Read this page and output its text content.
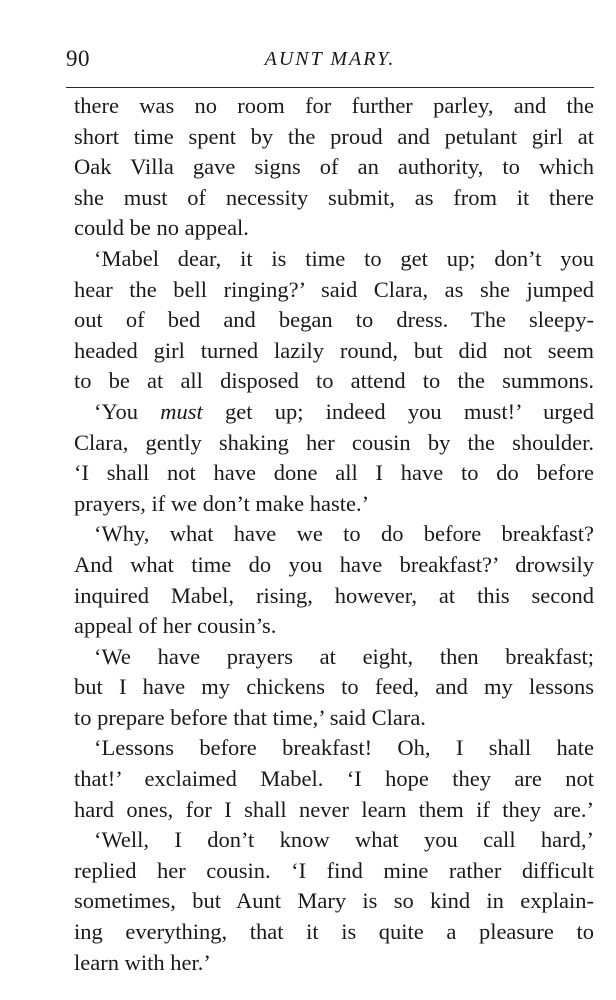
90	AUNT MARY.
there was no room for further parley, and the
short time spent by the proud and petulant girl at
Oak Villa gave signs of an authority, to which
she must of necessity submit, as from it there
could be no appeal.
‘Mabel dear, it is time to get up; don’t you
hear the bell ringing?’ said Clara, as she jumped
out of bed and began to dress. The sleepy-
headed girl turned lazily round, but did not seem
to be at all disposed to attend to the summons.
‘You must get up; indeed you must!’ urged
Clara, gently shaking her cousin by the shoulder.
‘I shall not have done all I have to do before
prayers, if we don’t make haste.’
‘Why, what have we to do before breakfast?
And what time do you have breakfast?’ drowsily
inquired Mabel, rising, however, at this second
appeal of her cousin’s.
‘We have prayers at eight, then breakfast;
but I have my chickens to feed, and my lessons
to prepare before that time,’ said Clara.
‘Lessons before breakfast! Oh, I shall hate
that!’ exclaimed Mabel. ‘I hope they are not
hard ones, for I shall never learn them if they are.’
‘Well, I don’t know what you call hard,’
replied her cousin. ‘I find mine rather difficult
sometimes, but Aunt Mary is so kind in explain-
ing everything, that it is quite a pleasure to
learn with her.’
